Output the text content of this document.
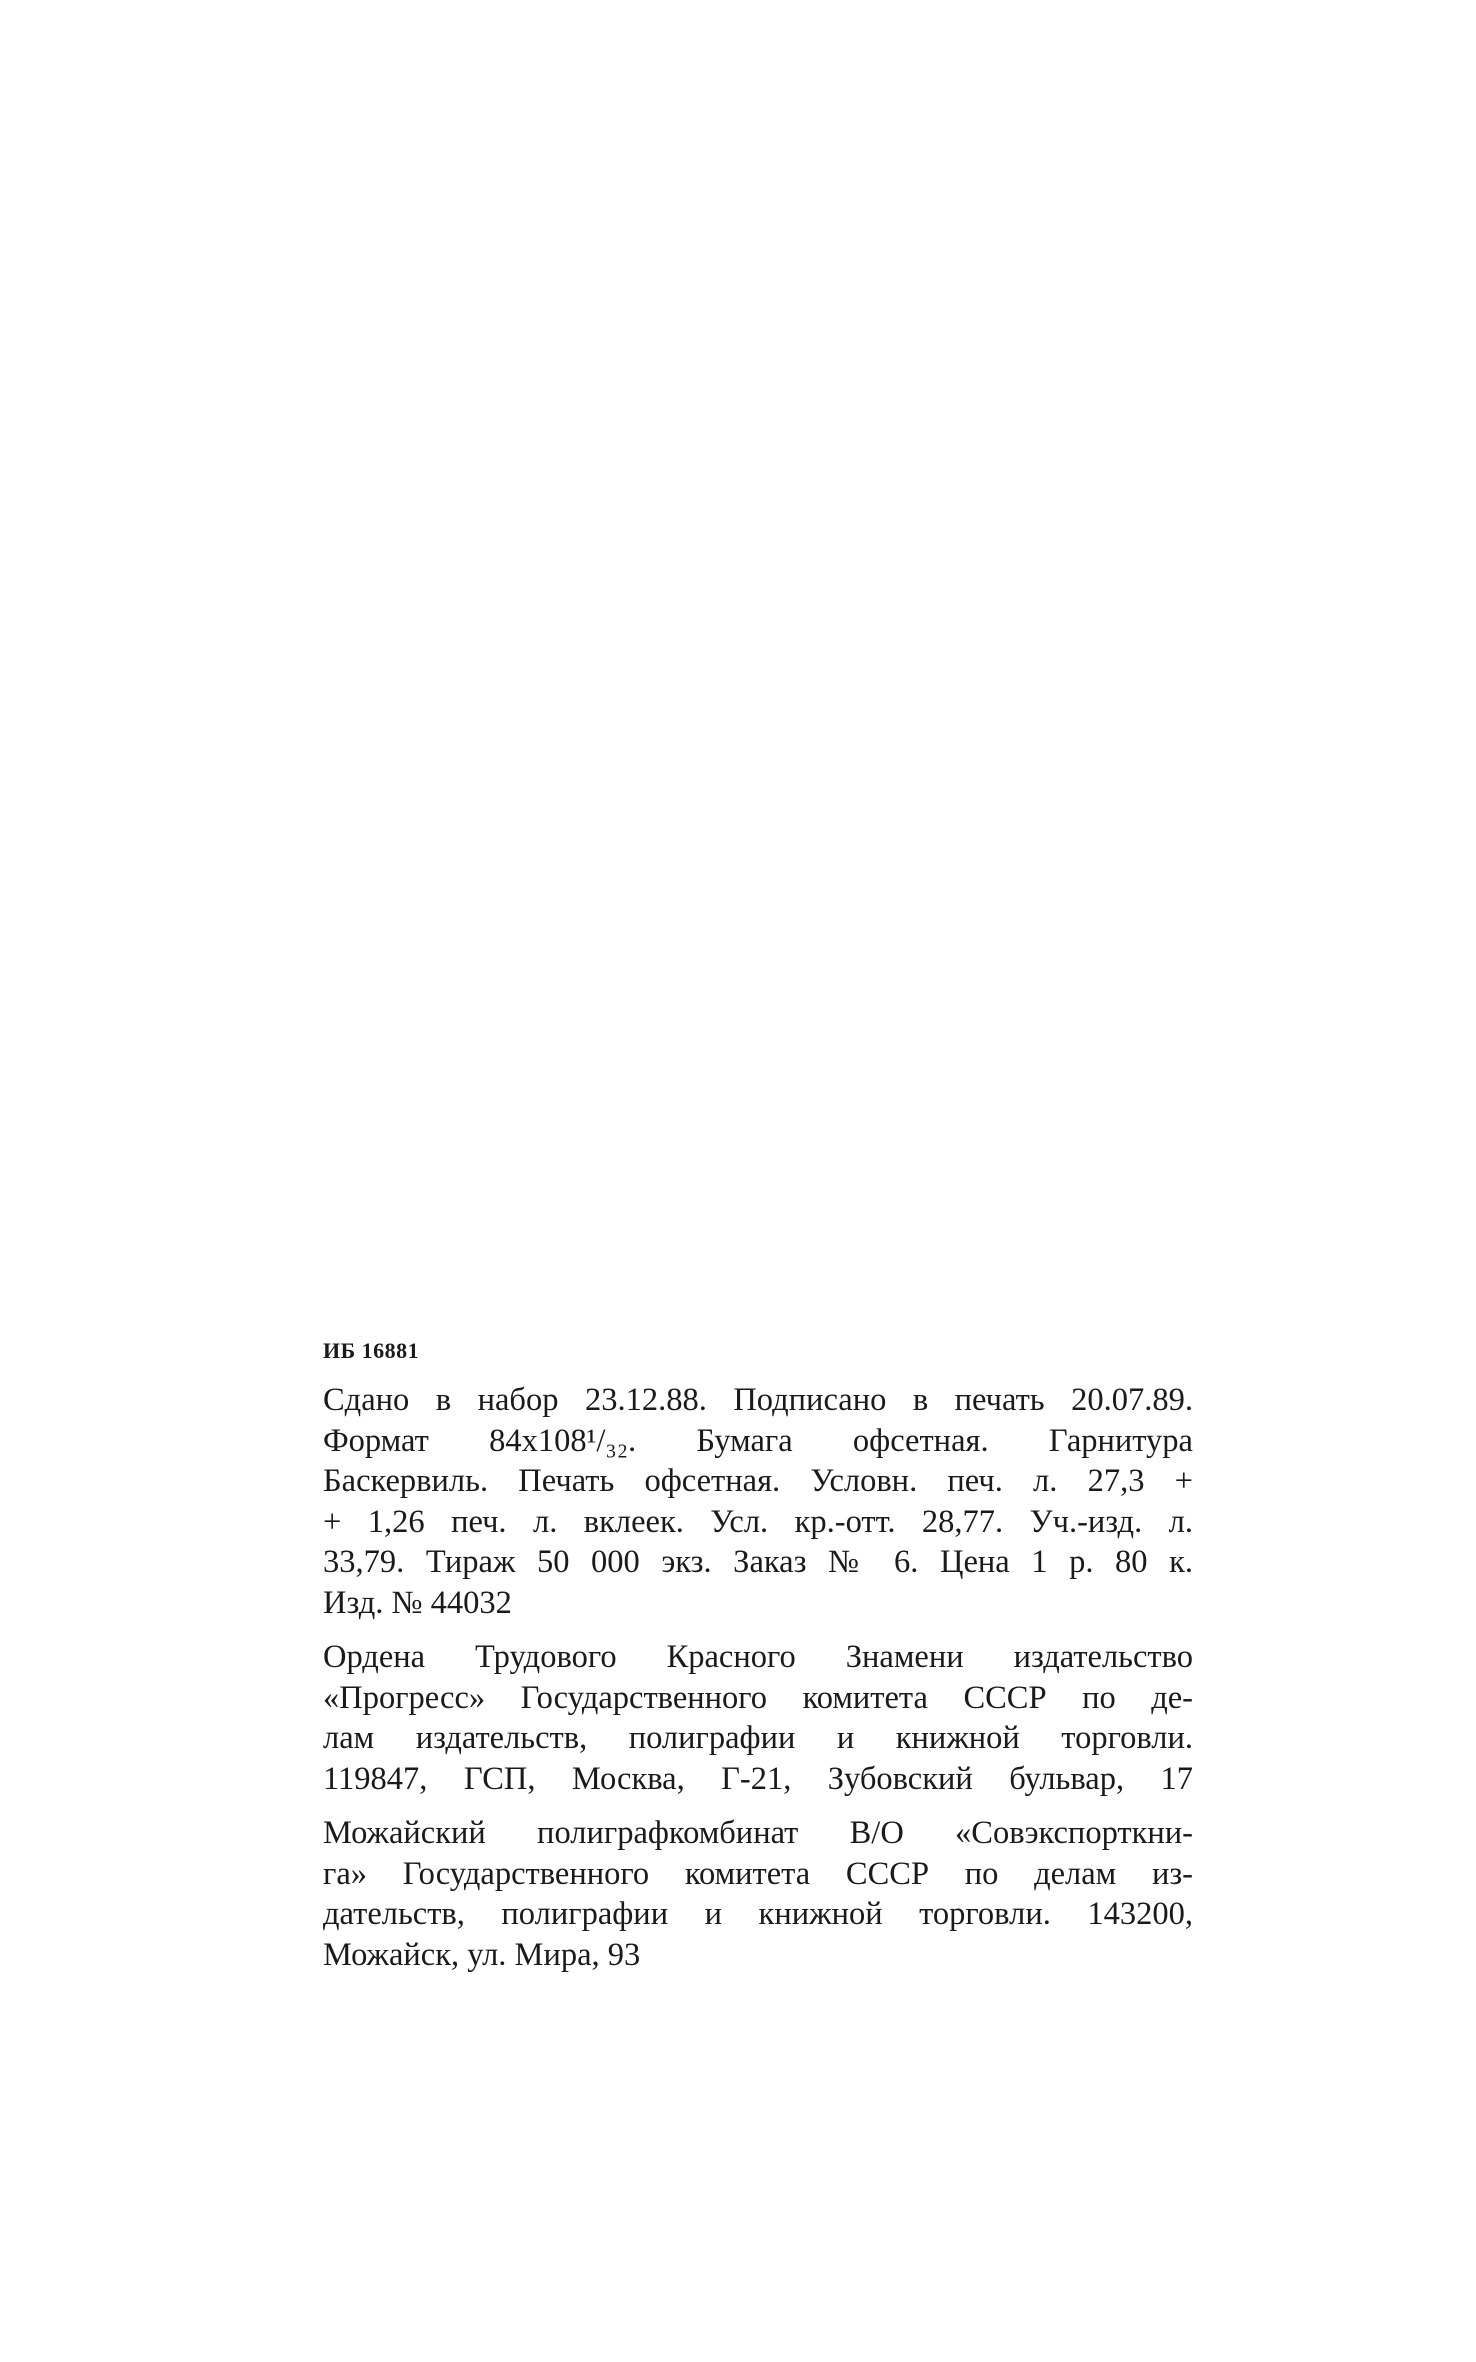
ИБ 16881
Сдано в набор 23.12.88. Подписано в печать 20.07.89.
Формат 84x108¹/₃₂. Бумага офсетная. Гарнитура
Баскервиль. Печать офсетная. Условн. печ. л. 27,3 +
+ 1,26 печ. л. вклеек. Усл. кр.-отт. 28,77. Уч.-изд. л.
33,79. Тираж 50 000 экз. Заказ № 6. Цена 1 р. 80 к.
Изд. № 44032
Ордена Трудового Красного Знамени издательство
«Прогресс» Государственного комитета СССР по де-
лам издательств, полиграфии и книжной торговли.
119847, ГСП, Москва, Г-21, Зубовский бульвар, 17
Можайский полиграфкомбинат В/О «Совэкспорткни-
га» Государственного комитета СССР по делам из-
дательств, полиграфии и книжной торговли. 143200,
Можайск, ул. Мира, 93
